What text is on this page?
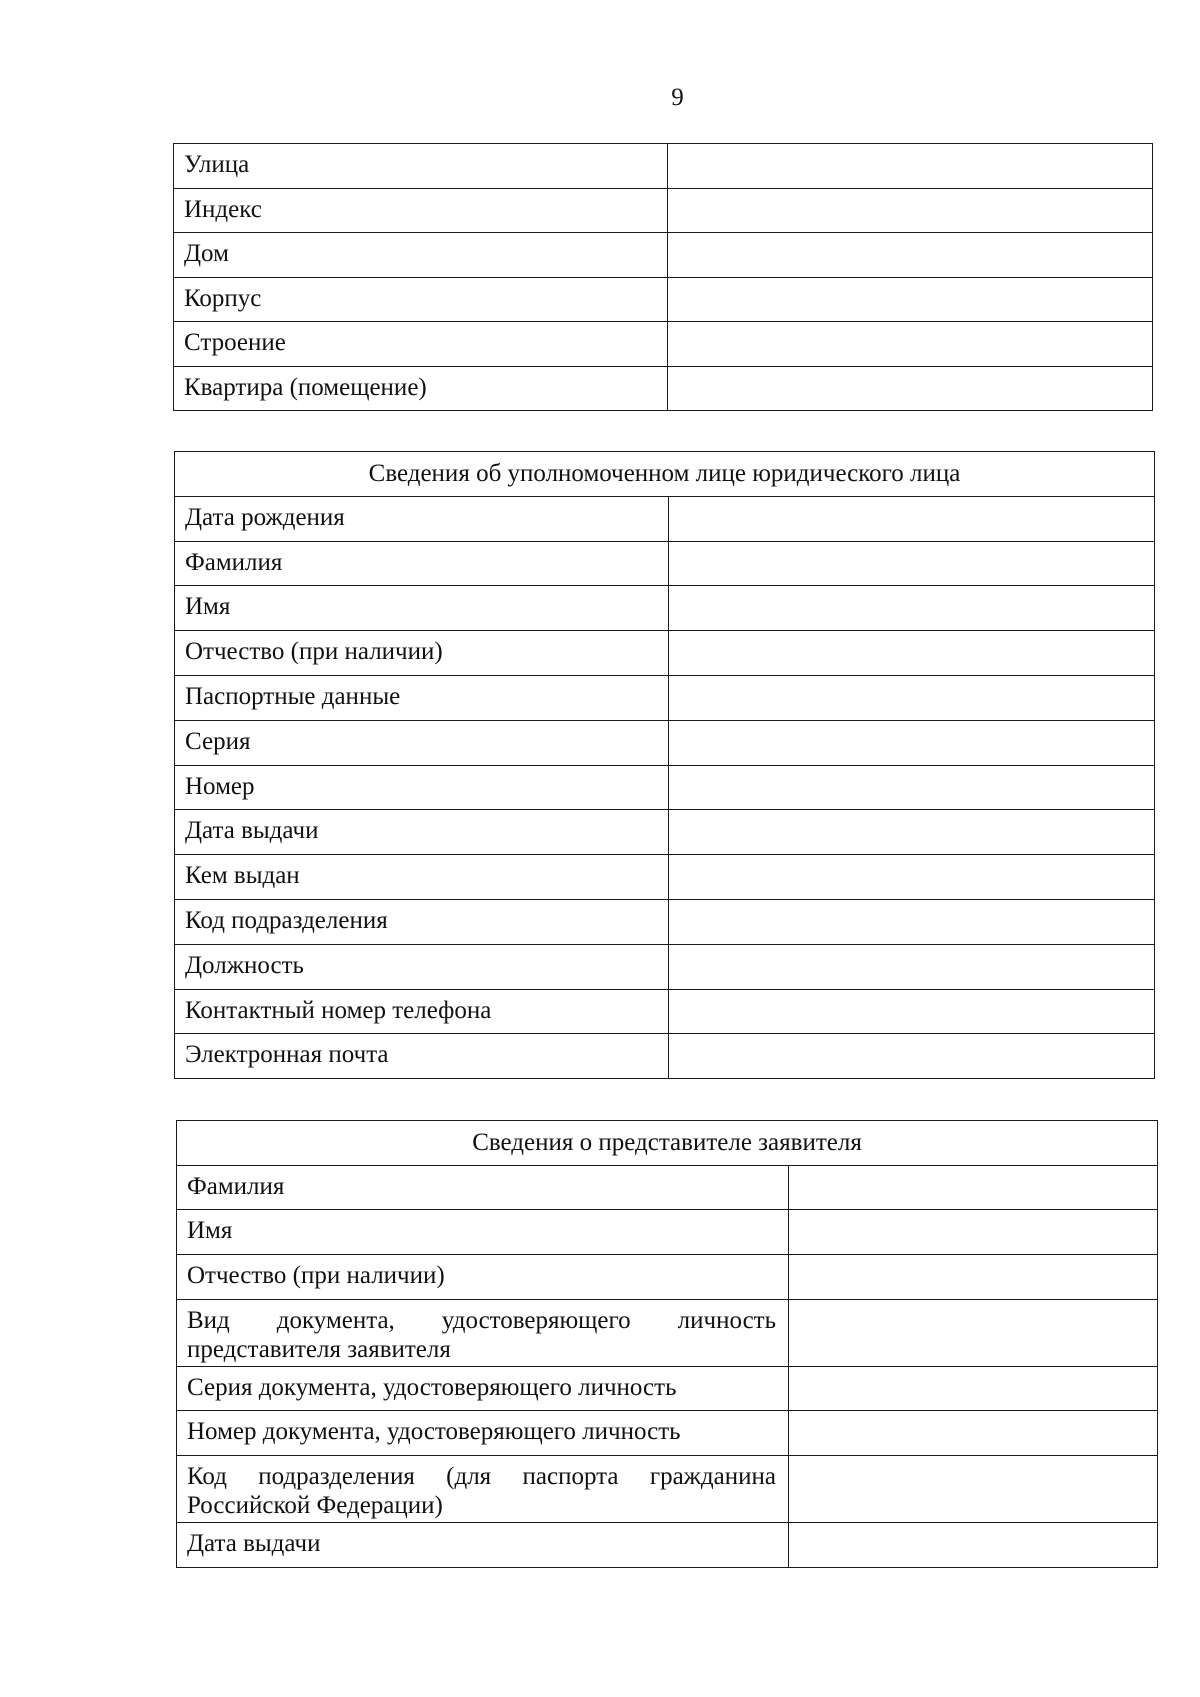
9
Улица	
Индекс	
Дом	
Корпус	
Строение	
Квартира (помещение)	
Сведения об уполномоченном лице юридического лица	
Дата рождения	
Фамилия	
Имя	
Отчество (при наличии)	
Паспортные данные	
Серия	
Номер	
Дата выдачи	
Кем выдан	
Код подразделения	
Должность	
Контактный номер телефона	
Электронная почта	
Сведения о представителе заявителя	
Фамилия	
Имя	
Отчество (при наличии)	
Вид документа, удостоверяющего личность представителя заявителя	
Серия документа, удостоверяющего личность	
Номер документа, удостоверяющего личность	
Код подразделения (для паспорта гражданина Российской Федерации)	
Дата выдачи	
